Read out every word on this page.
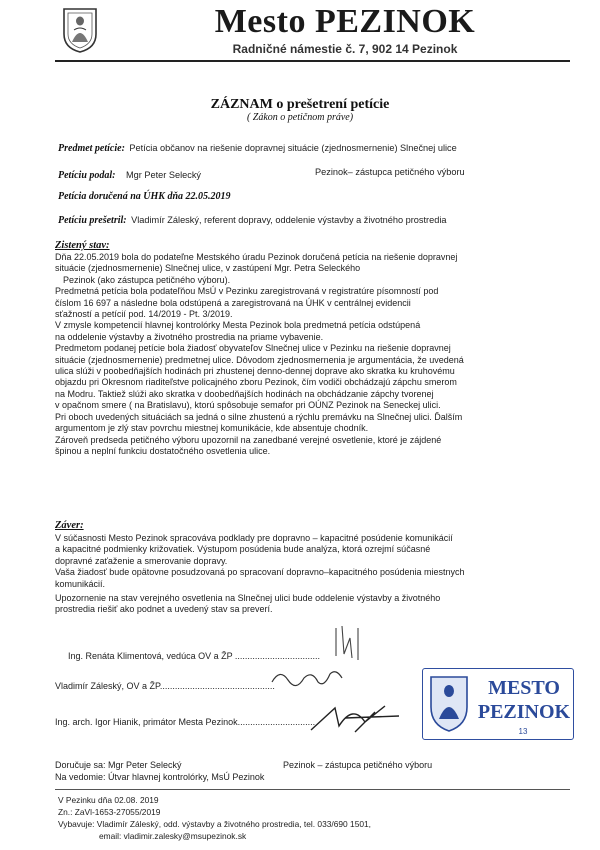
Mesto PEZINOK
Radničné námestie č. 7, 902 14 Pezinok
ZÁZNAM o prešetrení petície
( Zákon o petičnom práve)
Predmet petície: Petícia občanov na riešenie dopravnej situácie (zjednosmernenie) Slnečnej ulice
Petíciu podal: Mgr Peter Selecký	Pezinok– zástupca petičného výboru
Petícia doručená na ÚHK dňa 22.05.2019
Petíciu prešetril: Vladimír Záleský, referent dopravy, oddelenie výstavby a životného prostredia
Zistený stav:
Dňa 22.05.2019 bola do podateľne Mestského úradu Pezinok doručená petícia na riešenie dopravnej
situácie (zjednosmernenie) Slnečnej ulice, v zastúpení Mgr. Petra Seleckého
Pezinok (ako zástupca petičného výboru).
Predmetná petícia bola podateľňou MsÚ v Pezinku zaregistrovaná v registratúre písomností pod
číslom 16 697 a následne bola odstúpená a zaregistrovaná na ÚHK v centrálnej evidencii
sťažností a petícií pod. 14/2019 - Pt. 3/2019.
V zmysle kompetencií hlavnej kontrolórky Mesta Pezinok bola predmetná petícia odstúpená
na oddelenie výstavby a životného prostredia na priame vybavenie.
Predmetom podanej petície bola žiadosť obyvateľov Slnečnej ulice v Pezinku na riešenie dopravnej
situácie (zjednosmernenie) predmetnej ulice. Dôvodom zjednosmernenia je argumentácia, že uvedená
ulica slúži v poobedňajších hodinách pri zhustenej denno-dennej doprave ako skratka ku kruhovému
objazdu pri Okresnom riaditeľstve policajného zboru Pezinok, čím vodiči obchádzajú zápchu smerom
na Modru. Taktiež slúži ako skratka v doobedňajších hodinách na obchádzanie zápchy tvorenej
v opačnom smere ( na Bratislavu), ktorú spôsobuje semafor pri OÚNZ Pezinok na Seneckej ulici.
Pri oboch uvedených situáciách sa jedná o silne zhustenú a rýchlu premávku na Slnečnej ulici. Ďalším
argumentom je zlý stav povrchu miestnej komunikácie, kde absentuje chodník.
Zároveň predseda petičného výboru upozornil na zanedbané verejné osvetlenie, ktoré je zájdené
špinou a neplní funkciu dostatočného osvetlenia ulice.
Záver:
V súčasnosti Mesto Pezinok spracováva podklady pre dopravno – kapacitné posúdenie komunikácií
a kapacitné podmienky križovatiek. Výstupom posúdenia bude analýza, ktorá ozrejmí súčasné
dopravné zaťaženie a smerovanie dopravy.
Vaša žiadosť bude opätovne posudzovaná po spracovaní dopravno–kapacitného posúdenia miestnych
komunikácií.
Upozornenie na stav verejného osvetlenia na Slnečnej ulici bude oddelenie výstavby a životného
prostredia riešiť ako podnet a uvedený stav sa preverí.
Ing. Renáta Klimentová, vedúca OV a ŽP ..................................
Vladimír Záleský, OV a ŽP..............................................
Ing. arch. Igor Hianik, primátor Mesta Pezinok...............................
MESTO
PEZINOK
13
Doručuje sa: Mgr Peter Selecký	Pezinok – zástupca petičného výboru
Na vedomie: Útvar hlavnej kontrolórky, MsÚ Pezinok
V Pezinku dňa 02.08. 2019
Zn.: ZaVl-1653-27055/2019
Vybavuje: Vladimír Záleský, odd. výstavby a životného prostredia, tel. 033/690 1501,
email: vladimir.zalesky@msupezinok.sk
